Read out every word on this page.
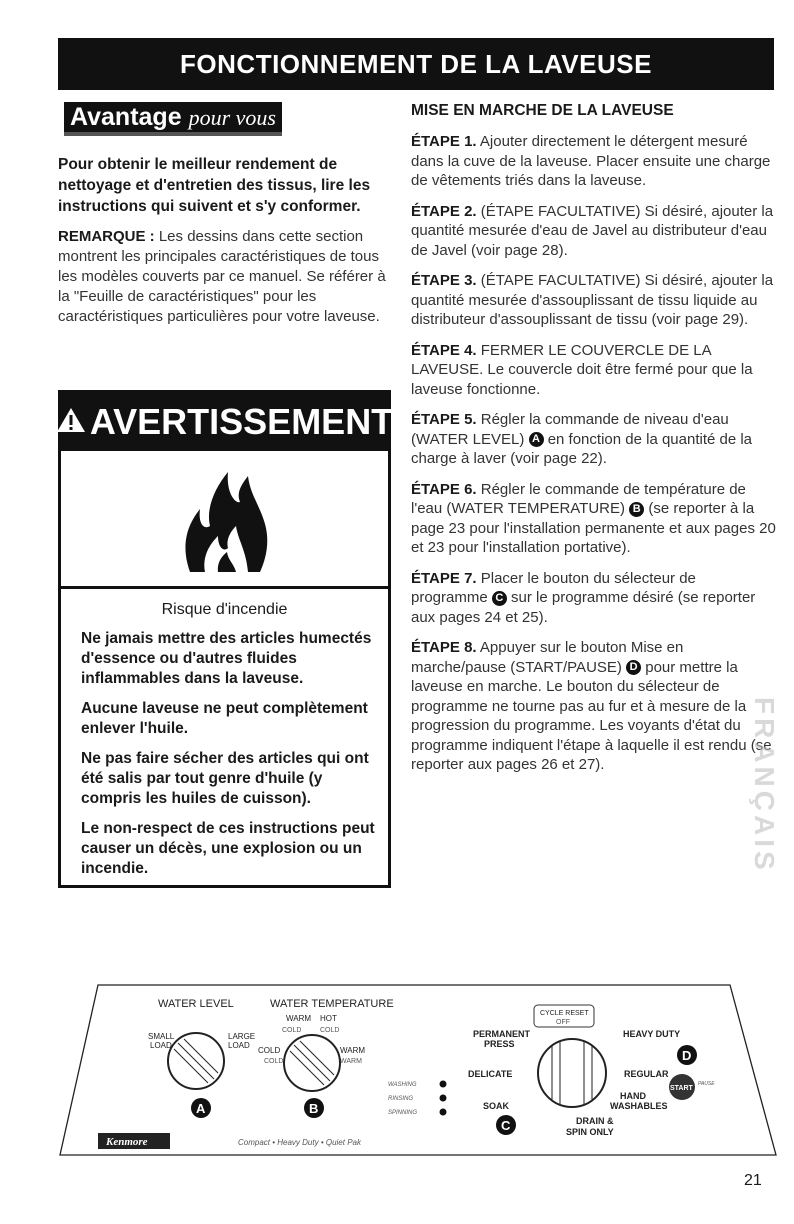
FONCTIONNEMENT DE LA LAVEUSE
Avantage pour vous

Pour obtenir le meilleur rendement de nettoyage et d'entretien des tissus, lire les instructions qui suivent et s'y conformer.

REMARQUE : Les dessins dans cette section montrent les principales caractéristiques de tous les modèles couverts par ce manuel. Se référer à la "Feuille de caractéristiques" pour les caractéristiques particulières pour votre laveuse.

AVERTISSEMENT
Risque d'incendie

Ne jamais mettre des articles humectés d'essence ou d'autres fluides inflammables dans la laveuse.

Aucune laveuse ne peut complètement enlever l'huile.

Ne pas faire sécher des articles qui ont été salis par tout genre d'huile (y compris les huiles de cuisson).

Le non-respect de ces instructions peut causer un décès, une explosion ou un incendie.

MISE EN MARCHE DE LA LAVEUSE

ÉTAPE 1. Ajouter directement le détergent mesuré dans la cuve de la laveuse. Placer ensuite une charge de vêtements triés dans la laveuse.

ÉTAPE 2. (ÉTAPE FACULTATIVE) Si désiré, ajouter la quantité mesurée d'eau de Javel au distributeur d'eau de Javel (voir page 28).

ÉTAPE 3. (ÉTAPE FACULTATIVE) Si désiré, ajouter la quantité mesurée d'assouplissant de tissu liquide au distributeur d'assouplissant de tissu (voir page 29).

ÉTAPE 4. FERMER LE COUVERCLE DE LA LAVEUSE. Le couvercle doit être fermé pour que la laveuse fonctionne.

ÉTAPE 5. Régler la commande de niveau d'eau (WATER LEVEL) A en fonction de la quantité de la charge à laver (voir page 22).

ÉTAPE 6. Régler le commande de température de l'eau (WATER TEMPERATURE) B (se reporter à la page 23 pour l'installation permanente et aux pages 20 et 23 pour l'installation portative).

ÉTAPE 7. Placer le bouton du sélecteur de programme C sur le programme désiré (se reporter aux pages 24 et 25).

ÉTAPE 8. Appuyer sur le bouton Mise en marche/pause (START/PAUSE) D pour mettre la laveuse en marche. Le bouton du sélecteur de programme ne tourne pas au fur et à mesure de la progression du programme. Les voyants d'état du programme indiquent l'étape à laquelle il est rendu (se reporter aux pages 26 et 27).	FRANÇAIS
WATER LEVEL	WATER TEMPERATURE
SMALL
LOAD
LARGE
LOAD
A
WARM HOT
COLD	COLD
COLD
COLD
WARM
WARM
B
WASHING
RINSING
SPINNING
CYCLE RESET
OFF
PERMANENT
PRESS
HEAVY DUTY
DELICATE	REGULAR
SOAK
HAND
WASHABLES
DRAIN &
SPIN ONLY
D
C
START
PAUSE
Kenmore	Compact • Heavy Duty • Quiet Pak
21
